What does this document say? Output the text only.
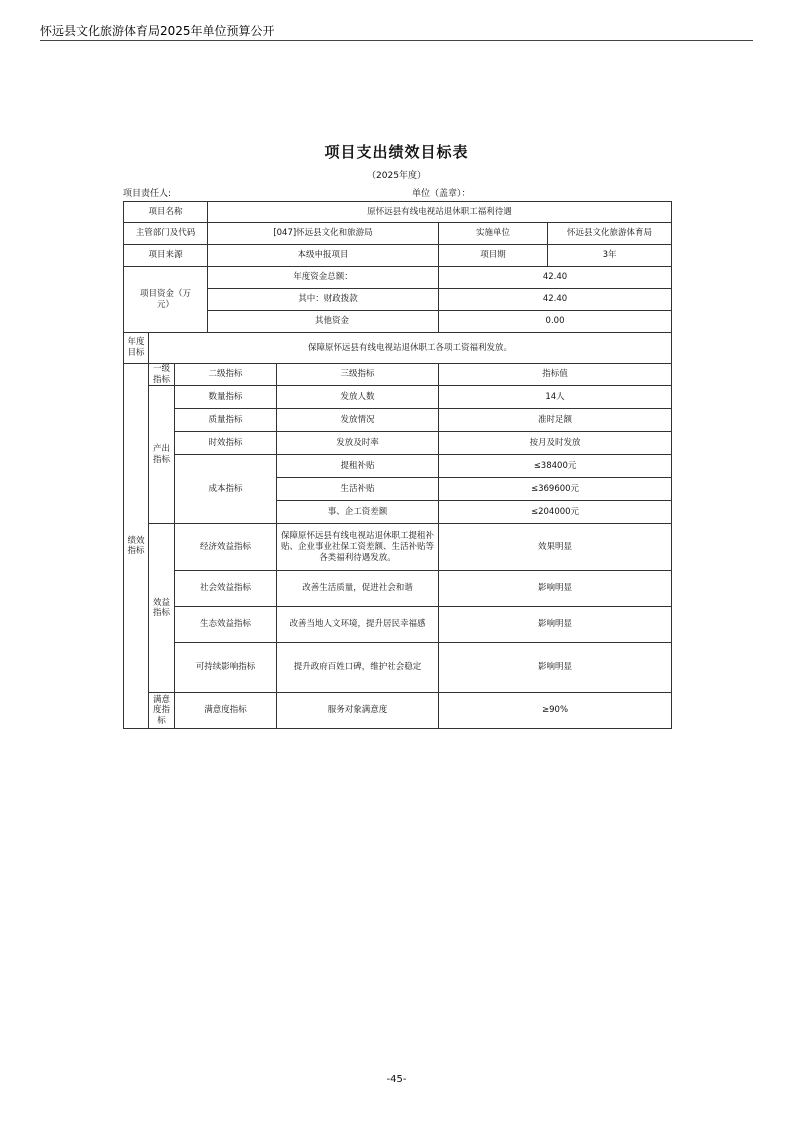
怀远县文化旅游体育局2025年单位预算公开
项目支出绩效目标表
（2025年度）
项目责任人:	单位（盖章）：
项目名称			原怀远县有线电视站退休职工福利待遇			
主管部门及代码			[047]怀远县文化和旅游局		实施单位	怀远县文化旅游体育局
项目来源			本级申报项目		项目期	3年
项目资金（万元）			年度资金总额：		42.40	
			其中：财政拨款		42.40	
			其他资金		0.00	
年度目标	保障原怀远县有线电视站退休职工各项工资福利发放。					
绩效指标	一级指标	二级指标		三级指标	指标值	
	产出指标	数量指标		发放人数	14人	
		质量指标		发放情况	准时足额	
		时效指标		发放及时率	按月及时发放	
		成本指标		提租补贴	≤38400元	
				生活补贴	≤369600元	
				事、企工资差额	≤204000元	
	效益指标	经济效益指标		保障原怀远县有线电视站退休职工提租补贴、企业事业社保工资差额、生活补贴等各类福利待遇发放。	效果明显	
		社会效益指标		改善生活质量，促进社会和谐	影响明显	
		生态效益指标		改善当地人文环境，提升居民幸福感	影响明显	
		可持续影响指标		提升政府百姓口碑，维护社会稳定	影响明显	
	满意度指标	满意度指标		服务对象满意度	≥90%	
-45-
